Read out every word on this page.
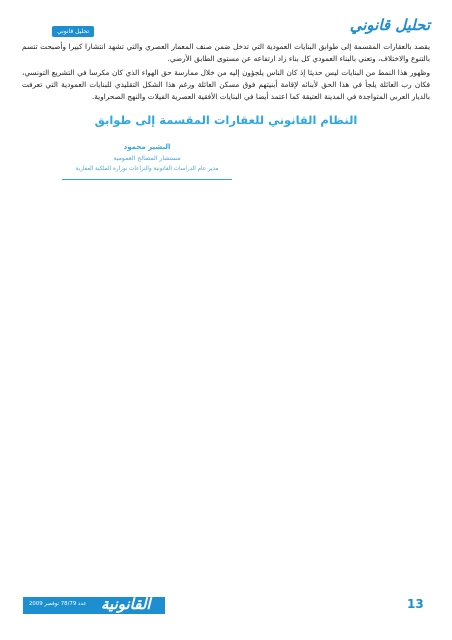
تحليل قانوني
تحليل قانوني
يقصد بالعقارات المقسمة إلى طوابق البنايات العمودية التي تدخل ضمن صنف المعمار العصري والتي تشهد انتشارا كبيرا وأصبحت تتسم بالتنوع والاختلاف، وتعني بالبناء العمودي كل بناء زاد ارتفاعه عن مستوى الطابق الأرضي.
وظهور هذا النمط من البنايات ليس حديثا إذ كان الناس يلجؤون إليه من خلال ممارسة حق الهواء الذي كان مكرسا في التشريع التونسي، فكان رب العائلة يلجأ في هذا الحق لأبنائه لإقامة أبنيتهم فوق مسكن العائلة ورغم هذا الشكل التقليدي للبنايات العمودية التي تعرفت بالديار العربي المتواجدة في المدينة العتيقة كما اعتمد أيضا في البنايات الأفقية العصرية الفيلات والنهج الصحراوية.
النظام القانوني للعقارات المقسمة إلى طوابق
البشير محمود
مستشار المصالح العمومية
مدير عام الدراسات القانونية والنزاعات بوزارة الملكية العقارية
القانونية
عدد 78/79 نوفمبر 2009	13
